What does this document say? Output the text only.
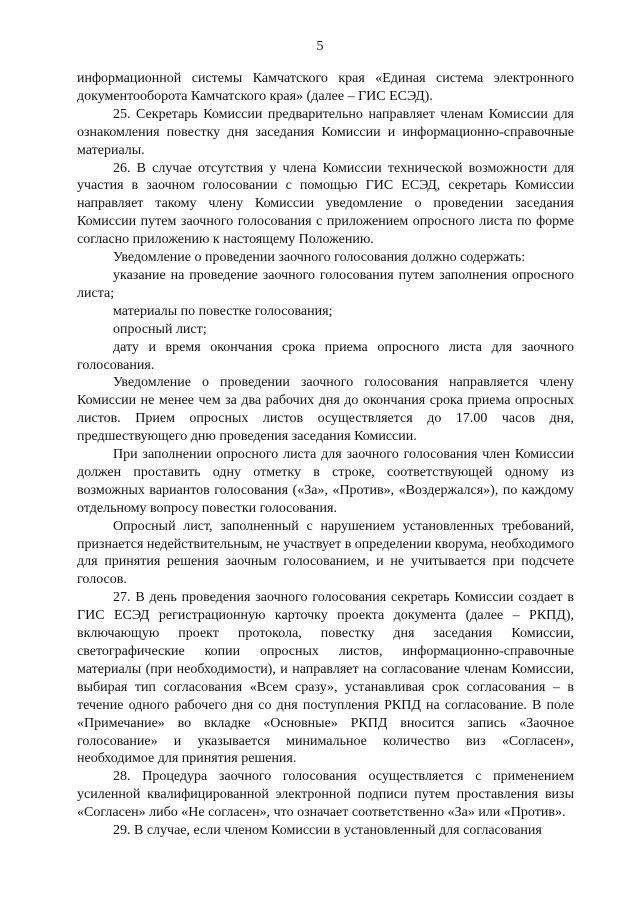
5

информационной системы Камчатского края «Единая система электронного документооборота Камчатского края» (далее – ГИС ЕСЭД).

25. Секретарь Комиссии предварительно направляет членам Комиссии для ознакомления повестку дня заседания Комиссии и информационно-справочные материалы.

26. В случае отсутствия у члена Комиссии технической возможности для участия в заочном голосовании с помощью ГИС ЕСЭД, секретарь Комиссии направляет такому члену Комиссии уведомление о проведении заседания Комиссии путем заочного голосования с приложением опросного листа по форме согласно приложению к настоящему Положению.

Уведомление о проведении заочного голосования должно содержать:

указание на проведение заочного голосования путем заполнения опросного листа;

материалы по повестке голосования;

опросный лист;

дату и время окончания срока приема опросного листа для заочного голосования.

Уведомление о проведении заочного голосования направляется члену Комиссии не менее чем за два рабочих дня до окончания срока приема опросных листов. Прием опросных листов осуществляется до 17.00 часов дня, предшествующего дню проведения заседания Комиссии.

При заполнении опросного листа для заочного голосования член Комиссии должен проставить одну отметку в строке, соответствующей одному из возможных вариантов голосования («За», «Против», «Воздержался»), по каждому отдельному вопросу повестки голосования.

Опросный лист, заполненный с нарушением установленных требований, признается недействительным, не участвует в определении кворума, необходимого для принятия решения заочным голосованием, и не учитывается при подсчете голосов.

27. В день проведения заочного голосования секретарь Комиссии создает в ГИС ЕСЭД регистрационную карточку проекта документа (далее – РКПД), включающую проект протокола, повестку дня заседания Комиссии, светографические копии опросных листов, информационно-справочные материалы (при необходимости), и направляет на согласование членам Комиссии, выбирая тип согласования «Всем сразу», устанавливая срок согласования – в течение одного рабочего дня со дня поступления РКПД на согласование. В поле «Примечание» во вкладке «Основные» РКПД вносится запись «Заочное голосование» и указывается минимальное количество виз «Согласен», необходимое для принятия решения.

28. Процедура заочного голосования осуществляется с применением усиленной квалифицированной электронной подписи путем проставления визы «Согласен» либо «Не согласен», что означает соответственно «За» или «Против».

29. В случае, если членом Комиссии в установленный для согласования
